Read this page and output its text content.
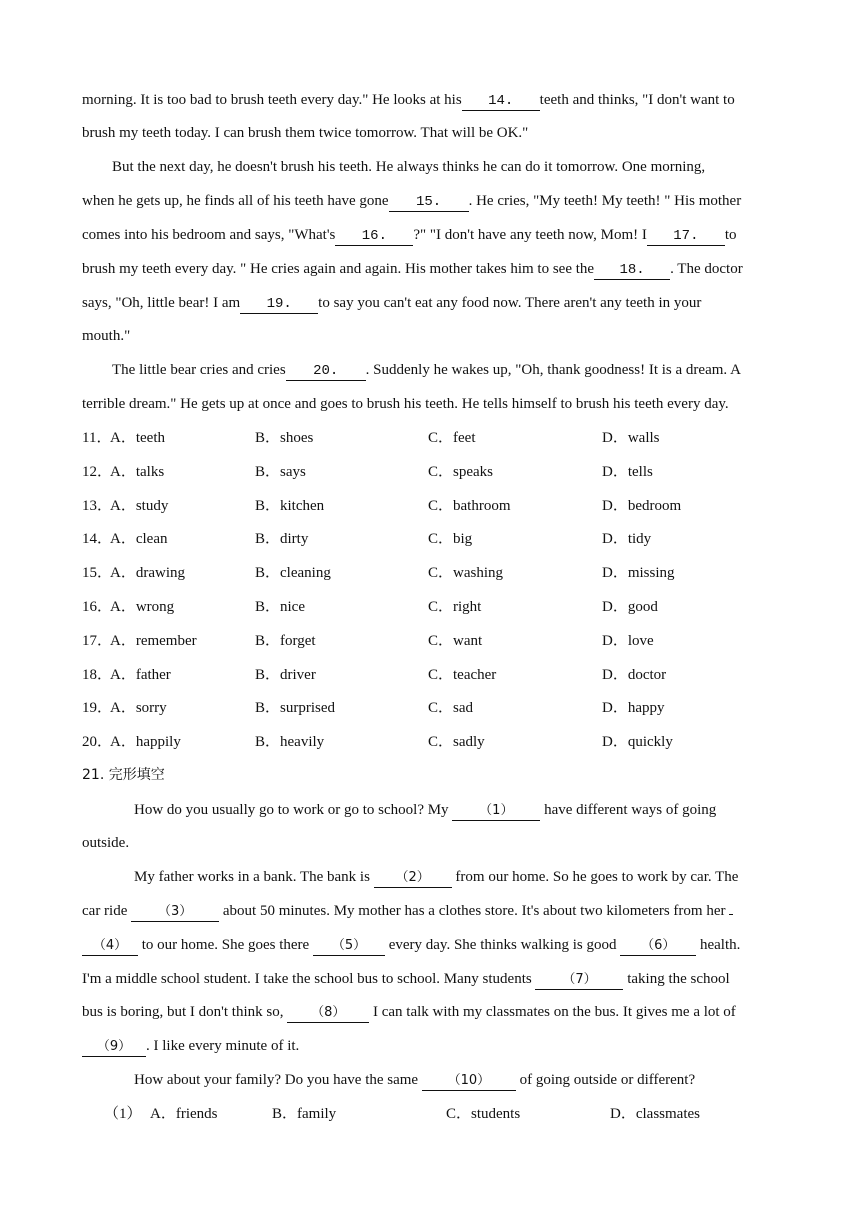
morning. It is too bad to brush teeth every day." He looks at his 14. teeth and thinks, "I don't want to
brush my teeth today. I can brush them twice tomorrow. That will be OK."
But the next day, he doesn't brush his teeth. He always thinks he can do it tomorrow. One morning,
when he gets up, he finds all of his teeth have gone 15. . He cries, "My teeth! My teeth! " His mother
comes into his bedroom and says, "What's 16. ?" "I don't have any teeth now, Mom! I 17. to
brush my teeth every day. " He cries again and again. His mother takes him to see the 18. . The doctor
says, "Oh, little bear! I am 19. to say you can't eat any food now. There aren't any teeth in your
mouth."
The little bear cries and cries 20. . Suddenly he wakes up, "Oh, thank goodness! It is a dream. A
terrible dream." He gets up at once and goes to brush his teeth. He tells himself to brush his teeth every day.
11．
A．teeth	B．shoes	C．feet	D．walls
12．
A．talks	B．says	C．speaks	D．tells
13．
A．study	B．kitchen	C．bathroom	D．bedroom
14．
A．clean	B．dirty	C．big	D．tidy
15．
A．drawing	B．cleaning	C．washing	D．missing
16．
A．wrong	B．nice	C．right	D．good
17．
A．remember	B．forget	C．want	D．love
18．
A．father	B．driver	C．teacher	D．doctor
19．
A．sorry	B．surprised	C．sad	D．happy
20．
A．happily	B．heavily	C．sadly	D．quickly
21. 完形填空
How do you usually go to work or go to school? My （1） have different ways of going
outside.
My father works in a bank. The bank is （2） from our home. So he goes to work by car. The
car ride （3） about 50 minutes. My mother has a clothes store. It's about two kilometers from her
（4） to our home. She goes there （5） every day. She thinks walking is good （6） health.
I'm a middle school student. I take the school bus to school. Many students （7） taking the school
bus is boring, but I don't think so, （8） I can talk with my classmates on the bus. It gives me a lot of
（9） . I like every minute of it.
How about your family? Do you have the same （10） of going outside or different?
（1） A．friends	B．family	C．students	D．classmates
